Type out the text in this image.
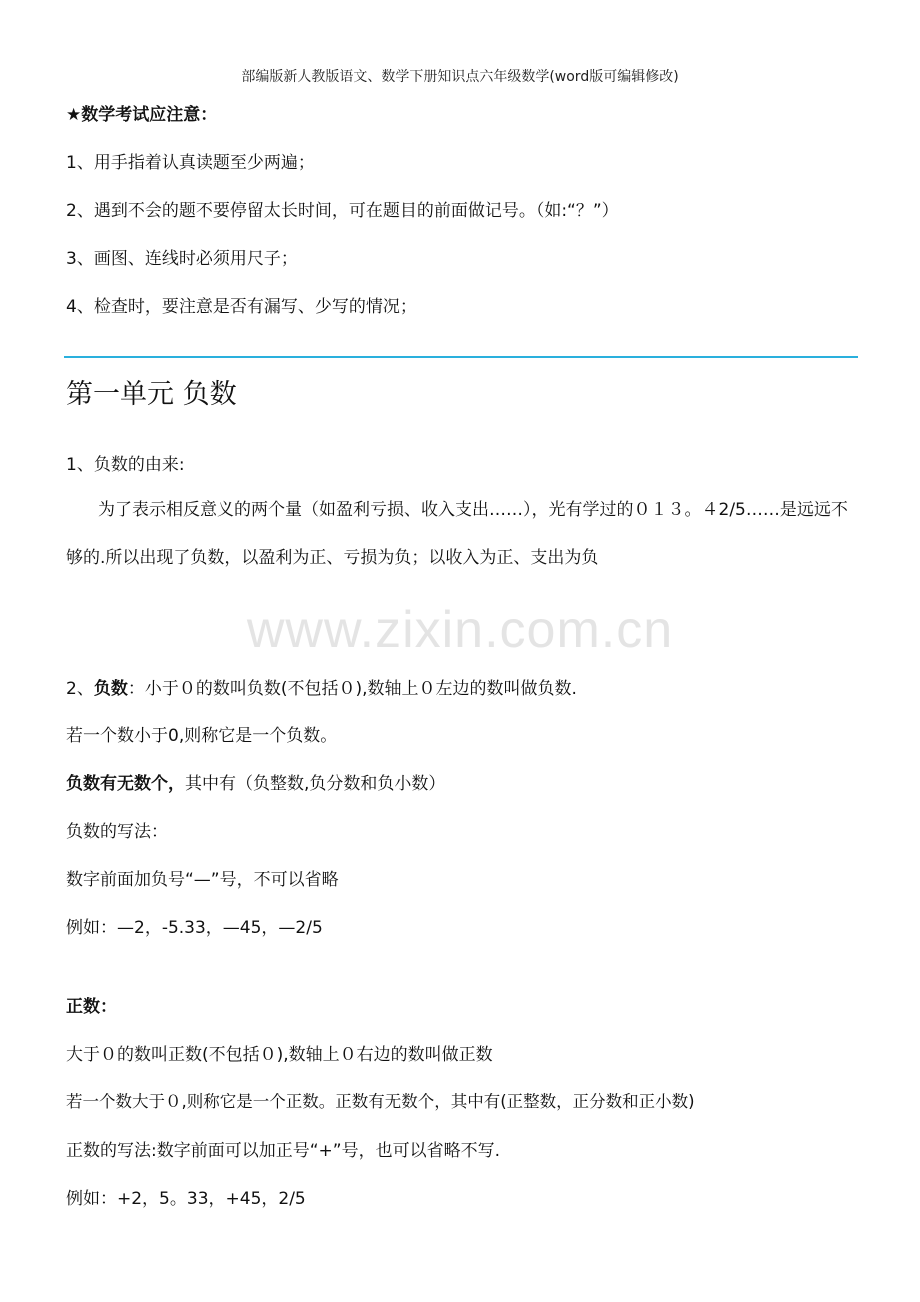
部编版新人教版语文、数学下册知识点六年级数学(word版可编辑修改)
★数学考试应注意：
1、用手指着认真读题至少两遍；
2、遇到不会的题不要停留太长时间，可在题目的前面做记号。（如:“？”）
3、画图、连线时必须用尺子；
4、检查时，要注意是否有漏写、少写的情况；
第一单元 负数
1、负数的由来:
为了表示相反意义的两个量（如盈利亏损、收入支出……），光有学过的０１３。４2/5……是远远不够的.所以出现了负数，以盈利为正、亏损为负；以收入为正、支出为负
www.zixin.com.cn
2、负数：小于０的数叫负数(不包括０),数轴上０左边的数叫做负数.
若一个数小于0,则称它是一个负数。
负数有无数个，其中有（负整数,负分数和负小数）
负数的写法：
数字前面加负号“—”号，不可以省略
例如：—2，-5.33，—45，—2/5
正数：
大于０的数叫正数(不包括０),数轴上０右边的数叫做正数
若一个数大于０,则称它是一个正数。正数有无数个，其中有(正整数，正分数和正小数)
正数的写法:数字前面可以加正号“+”号，也可以省略不写.
例如：+2，5。33，+45，2/5
